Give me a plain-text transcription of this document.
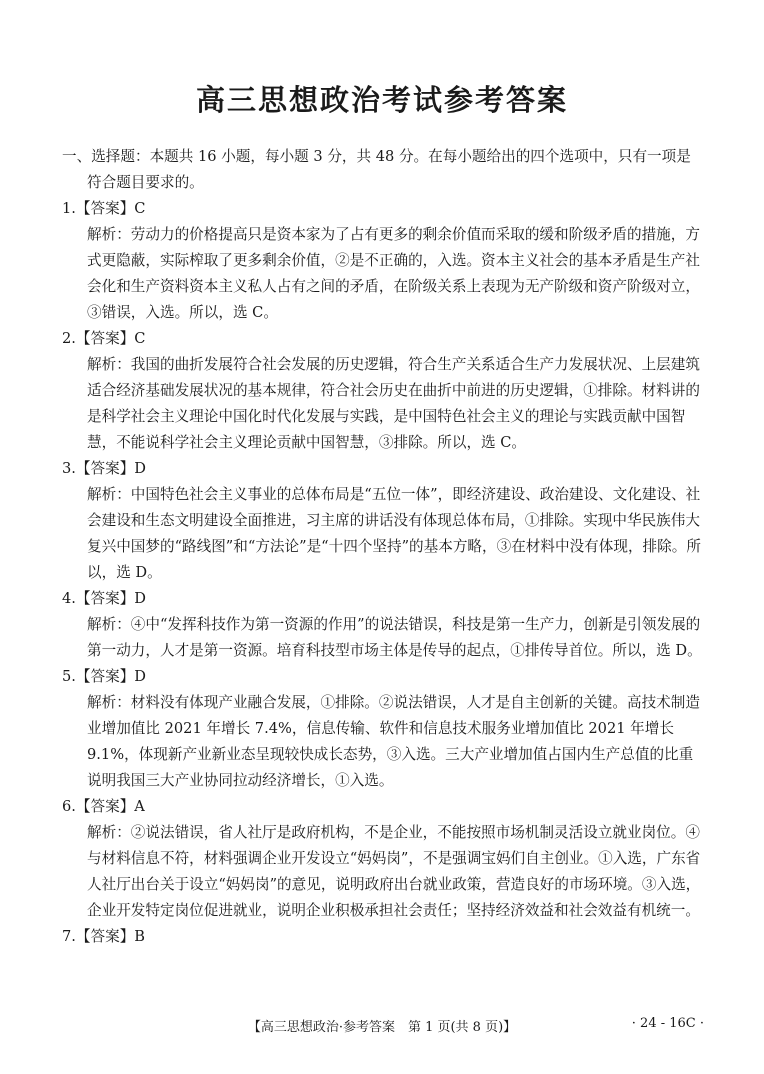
高三思想政治考试参考答案

一、选择题：本题共 16 小题，每小题 3 分，共 48 分。在每小题给出的四个选项中，只有一项是符合题目要求的。

1.【答案】C

解析：劳动力的价格提高只是资本家为了占有更多的剩余价值而采取的缓和阶级矛盾的措施，方式更隐蔽，实际榨取了更多剩余价值，②是不正确的，入选。资本主义社会的基本矛盾是生产社会化和生产资料资本主义私人占有之间的矛盾，在阶级关系上表现为无产阶级和资产阶级对立，③错误，入选。所以，选 C。

2.【答案】C

解析：我国的曲折发展符合社会发展的历史逻辑，符合生产关系适合生产力发展状况、上层建筑适合经济基础发展状况的基本规律，符合社会历史在曲折中前进的历史逻辑，①排除。材料讲的是科学社会主义理论中国化时代化发展与实践，是中国特色社会主义的理论与实践贡献中国智慧，不能说科学社会主义理论贡献中国智慧，③排除。所以，选 C。

3.【答案】D

解析：中国特色社会主义事业的总体布局是“五位一体”，即经济建设、政治建设、文化建设、社会建设和生态文明建设全面推进，习主席的讲话没有体现总体布局，①排除。实现中华民族伟大复兴中国梦的“路线图”和“方法论”是“十四个坚持”的基本方略，③在材料中没有体现，排除。所以，选 D。

4.【答案】D

解析：④中“发挥科技作为第一资源的作用”的说法错误，科技是第一生产力，创新是引领发展的第一动力，人才是第一资源。培育科技型市场主体是传导的起点，①排传导首位。所以，选 D。

5.【答案】D

解析：材料没有体现产业融合发展，①排除。②说法错误，人才是自主创新的关键。高技术制造业增加值比 2021 年增长 7.4%，信息传输、软件和信息技术服务业增加值比 2021 年增长 9.1%，体现新产业新业态呈现较快成长态势，③入选。三大产业增加值占国内生产总值的比重说明我国三大产业协同拉动经济增长，①入选。

6.【答案】A

解析：②说法错误，省人社厅是政府机构，不是企业，不能按照市场机制灵活设立就业岗位。④与材料信息不符，材料强调企业开发设立“妈妈岗”，不是强调宝妈们自主创业。①入选，广东省人社厅出台关于设立“妈妈岗”的意见，说明政府出台就业政策，营造良好的市场环境。③入选，企业开发特定岗位促进就业，说明企业积极承担社会责任；坚持经济效益和社会效益有机统一。

7.【答案】B

【高三思想政治·参考答案　第 1 页(共 8 页)】	· 24 - 16C ·
